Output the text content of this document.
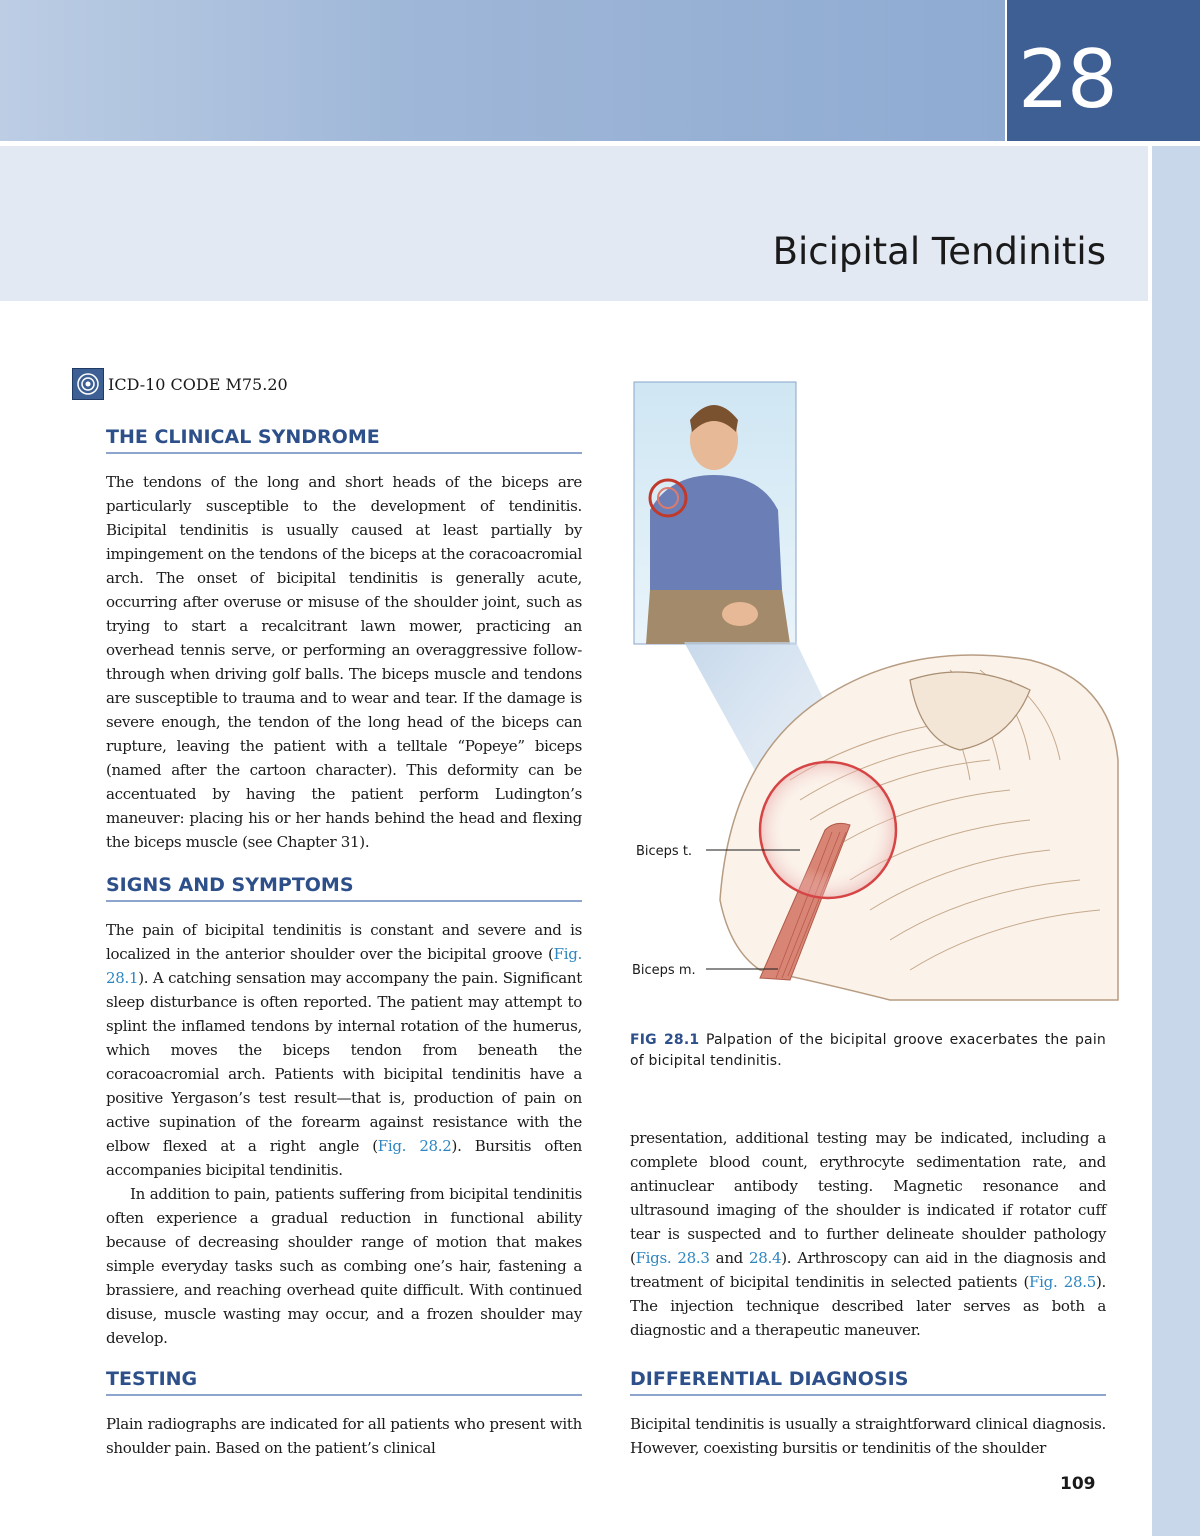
28
Bicipital Tendinitis
ICD-10 CODE M75.20
THE CLINICAL SYNDROME

The tendons of the long and short heads of the biceps are particularly susceptible to the development of tendinitis. Bicipital tendinitis is usually caused at least partially by impingement on the tendons of the biceps at the coracoacromial arch. The onset of bicipital tendinitis is generally acute, occurring after overuse or misuse of the shoulder joint, such as trying to start a recalcitrant lawn mower, practicing an overhead tennis serve, or performing an overaggressive follow-through when driving golf balls. The biceps muscle and tendons are susceptible to trauma and to wear and tear. If the damage is severe enough, the tendon of the long head of the biceps can rupture, leaving the patient with a telltale “Popeye” biceps (named after the cartoon character). This deformity can be accentuated by having the patient perform Ludington’s maneuver: placing his or her hands behind the head and flexing the biceps muscle (see Chapter 31).

SIGNS AND SYMPTOMS

The pain of bicipital tendinitis is constant and severe and is localized in the anterior shoulder over the bicipital groove (Fig. 28.1). A catching sensation may accompany the pain. Significant sleep disturbance is often reported. The patient may attempt to splint the inflamed tendons by internal rotation of the humerus, which moves the biceps tendon from beneath the coracoacromial arch. Patients with bicipital tendinitis have a positive Yergason’s test result—that is, production of pain on active supination of the forearm against resistance with the elbow flexed at a right angle (Fig. 28.2). Bursitis often accompanies bicipital tendinitis.

In addition to pain, patients suffering from bicipital tendinitis often experience a gradual reduction in functional ability because of decreasing shoulder range of motion that makes simple everyday tasks such as combing one’s hair, fastening a brassiere, and reaching overhead quite difficult. With continued disuse, muscle wasting may occur, and a frozen shoulder may develop.

TESTING

Plain radiographs are indicated for all patients who present with shoulder pain. Based on the patient’s clinical

Biceps t.
Biceps m.
FIG 28.1 Palpation of the bicipital groove exacerbates the pain of bicipital tendinitis.

presentation, additional testing may be indicated, including a complete blood count, erythrocyte sedimentation rate, and antinuclear antibody testing. Magnetic resonance and ultrasound imaging of the shoulder is indicated if rotator cuff tear is suspected and to further delineate shoulder pathology (Figs. 28.3 and 28.4). Arthroscopy can aid in the diagnosis and treatment of bicipital tendinitis in selected patients (Fig. 28.5). The injection technique described later serves as both a diagnostic and a therapeutic maneuver.

DIFFERENTIAL DIAGNOSIS

Bicipital tendinitis is usually a straightforward clinical diagnosis. However, coexisting bursitis or tendinitis of the shoulder

109
